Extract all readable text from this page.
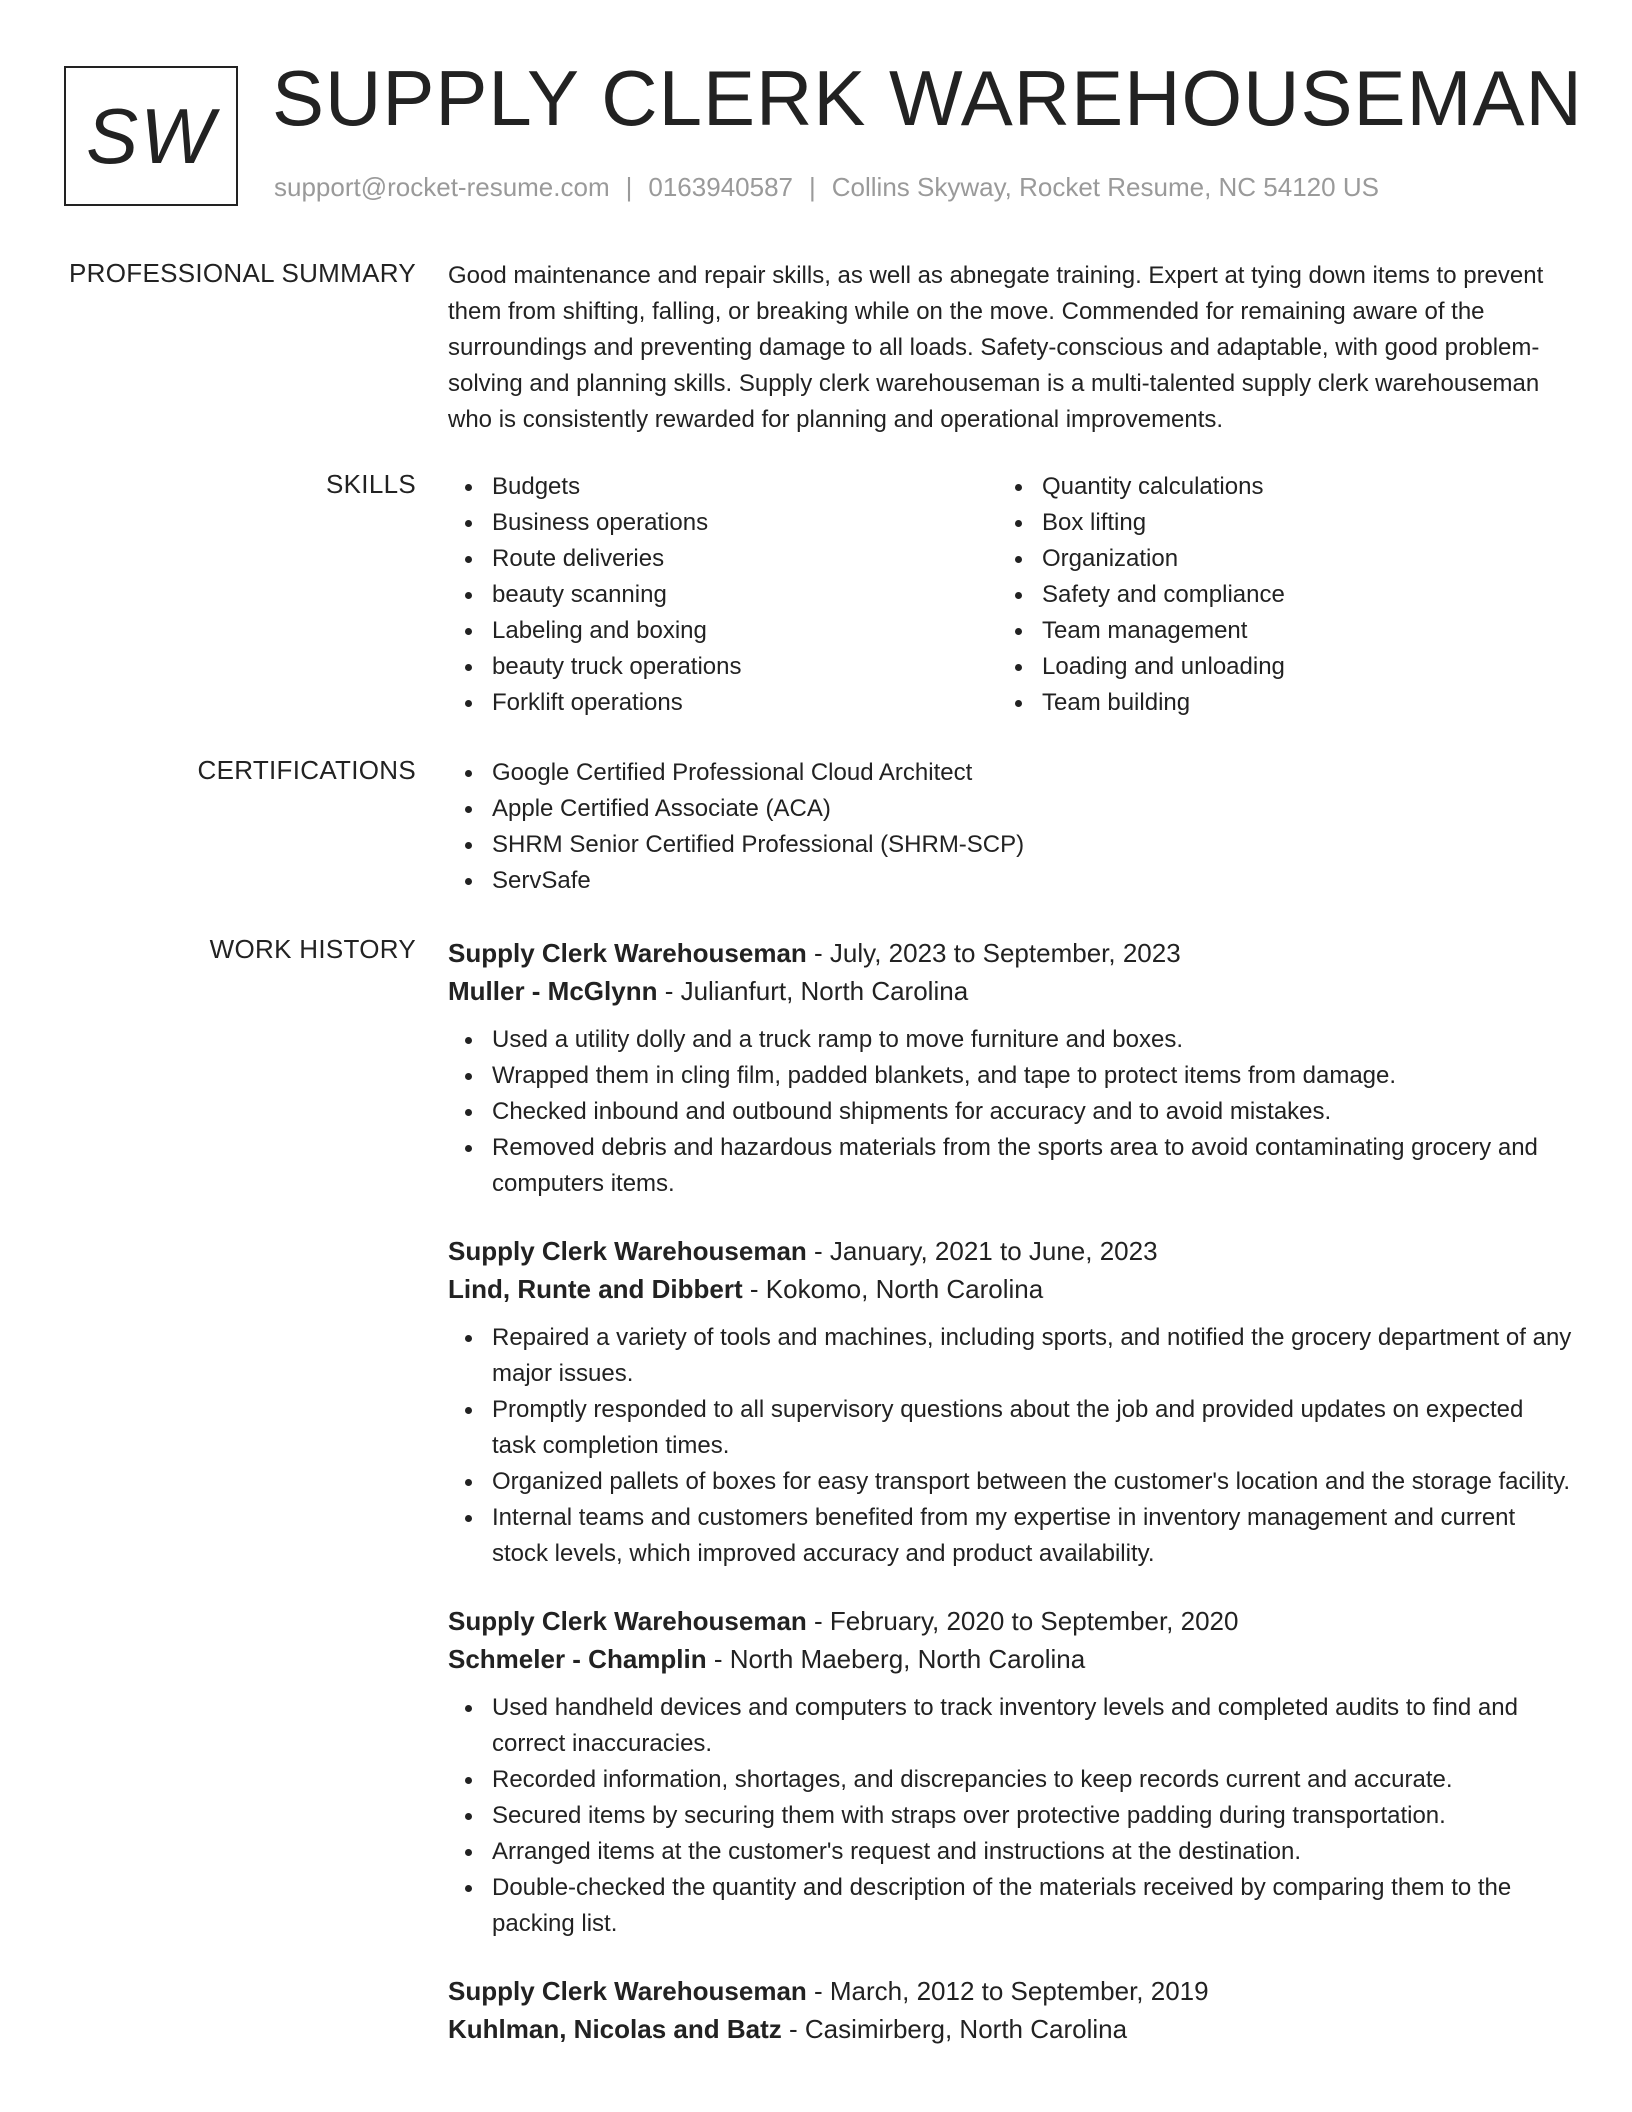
SW SUPPLY CLERK WAREHOUSEMAN
support@rocket-resume.com | 0163940587 | Collins Skyway, Rocket Resume, NC 54120 US
PROFESSIONAL SUMMARY Good maintenance and repair skills, as well as abnegate training. Expert at tying down items to prevent them from shifting, falling, or breaking while on the move. Commended for remaining aware of the surroundings and preventing damage to all loads. Safety-conscious and adaptable, with good problem-solving and planning skills. Supply clerk warehouseman is a multi-talented supply clerk warehouseman who is consistently rewarded for planning and operational improvements.

SKILLS	Budgets
Business operations
Route deliveries
beauty scanning
Labeling and boxing
beauty truck operations
Forklift operations
Quantity calculations
Box lifting
Organization
Safety and compliance
Team management
Loading and unloading
Team building
CERTIFICATIONS	Google Certified Professional Cloud Architect
Apple Certified Associate (ACA)
SHRM Senior Certified Professional (SHRM-SCP)
ServSafe
WORK HISTORY Supply Clerk Warehouseman - July, 2023 to September, 2023
Muller - McGlynn - Julianfurt, North Carolina
Used a utility dolly and a truck ramp to move furniture and boxes.
Wrapped them in cling film, padded blankets, and tape to protect items from damage.
Checked inbound and outbound shipments for accuracy and to avoid mistakes.
Removed debris and hazardous materials from the sports area to avoid contaminating grocery and computers items.
Supply Clerk Warehouseman - January, 2021 to June, 2023
Lind, Runte and Dibbert - Kokomo, North Carolina
Repaired a variety of tools and machines, including sports, and notified the grocery department of any major issues.
Promptly responded to all supervisory questions about the job and provided updates on expected task completion times.
Organized pallets of boxes for easy transport between the customer's location and the storage facility.
Internal teams and customers benefited from my expertise in inventory management and current stock levels, which improved accuracy and product availability.
Supply Clerk Warehouseman - February, 2020 to September, 2020
Schmeler - Champlin - North Maeberg, North Carolina
Used handheld devices and computers to track inventory levels and completed audits to find and correct inaccuracies.
Recorded information, shortages, and discrepancies to keep records current and accurate.
Secured items by securing them with straps over protective padding during transportation.
Arranged items at the customer's request and instructions at the destination.
Double-checked the quantity and description of the materials received by comparing them to the packing list.
Supply Clerk Warehouseman - March, 2012 to September, 2019
Kuhlman, Nicolas and Batz - Casimirberg, North Carolina
